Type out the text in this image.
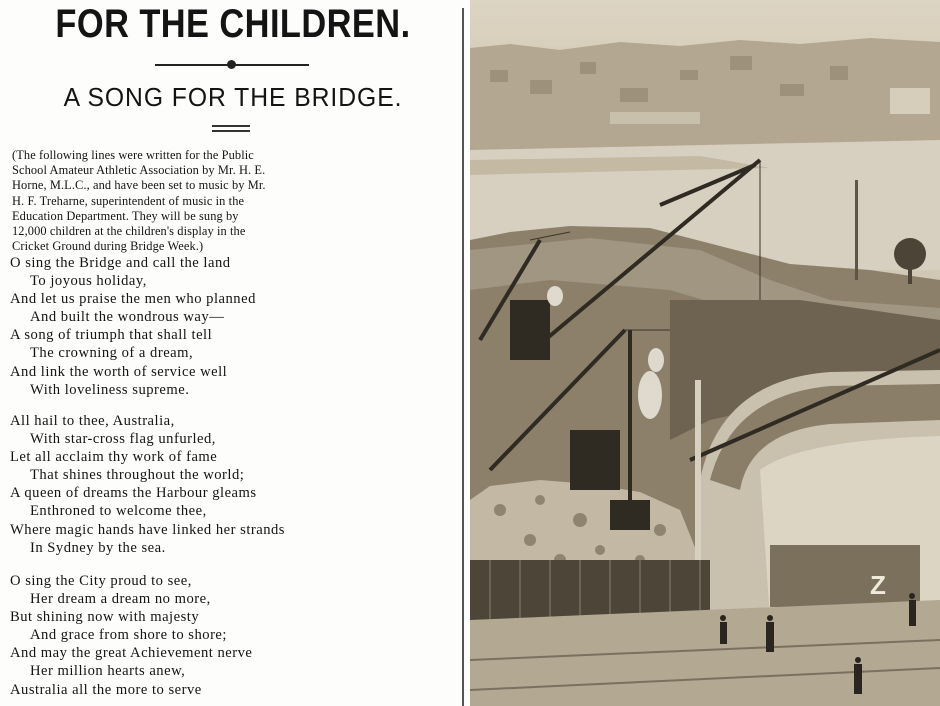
FOR THE CHILDREN.
A SONG FOR THE BRIDGE.
(The following lines were written for the Public
School Amateur Athletic Association by Mr. H. E.
Horne, M.L.C., and have been set to music by Mr.
H. F. Treharne, superintendent of music in the
Education Department. They will be sung by
12,000 children at the children's display in the
Cricket Ground during Bridge Week.)
O sing the Bridge and call the land
To joyous holiday,
And let us praise the men who planned
And built the wondrous way—
A song of triumph that shall tell
The crowning of a dream,
And link the worth of service well
With loveliness supreme.
All hail to thee, Australia,
With star-cross flag unfurled,
Let all acclaim thy work of fame
That shines throughout the world;
A queen of dreams the Harbour gleams
Enthroned to welcome thee,
Where magic hands have linked her strands
In Sydney by the sea.
O sing the City proud to see,
Her dream a dream no more,
But shining now with majesty
And grace from shore to shore;
And may the great Achievement nerve
Her million hearts anew,
Australia all the more to serve
Z
